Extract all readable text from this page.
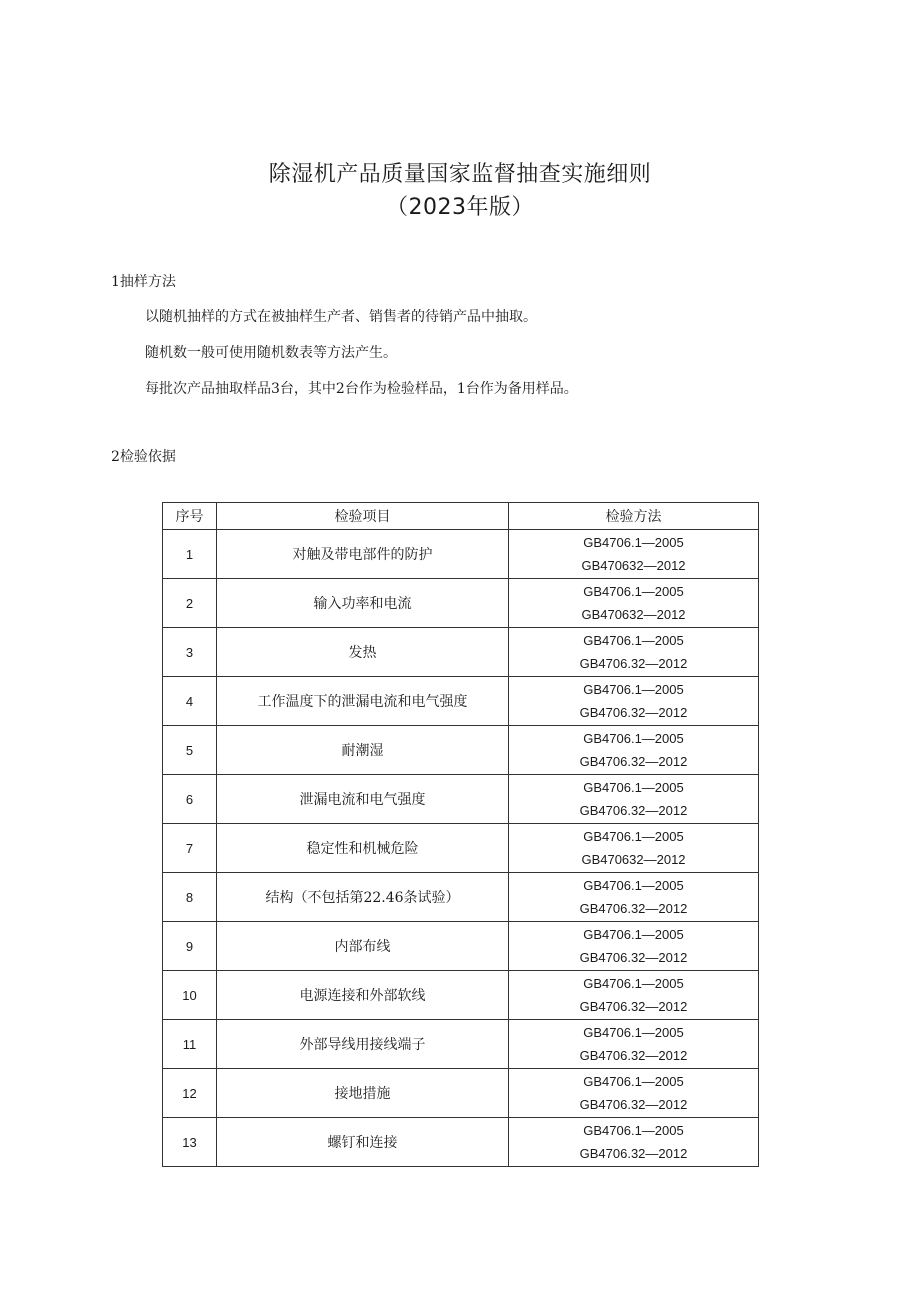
除湿机产品质量国家监督抽查实施细则
（2023年版）
1抽样方法
以随机抽样的方式在被抽样生产者、销售者的待销产品中抽取。
随机数一般可使用随机数表等方法产生。
每批次产品抽取样品3台，其中2台作为检验样品，1台作为备用样品。
2检验依据
序号	检验项目	检验方法
1	对触及带电部件的防护	GB4706.1—2005
GB470632—2012

2	输入功率和电流	GB4706.1—2005
GB470632—2012

3	发热	GB4706.1—2005
GB4706.32—2012

4	工作温度下的泄漏电流和电气强度	GB4706.1—2005
GB4706.32—2012

5	耐潮湿	GB4706.1—2005
GB4706.32—2012

6	泄漏电流和电气强度	GB4706.1—2005
GB4706.32—2012

7	稳定性和机械危险	GB4706.1—2005
GB470632—2012

8	结构（不包括第22.46条试验）	GB4706.1—2005
GB4706.32—2012

9	内部布线	GB4706.1—2005
GB4706.32—2012

10	电源连接和外部软线	GB4706.1—2005
GB4706.32—2012

11	外部导线用接线端子	GB4706.1—2005
GB4706.32—2012

12	接地措施	GB4706.1—2005
GB4706.32—2012

13	螺钉和连接	GB4706.1—2005
GB4706.32—2012
